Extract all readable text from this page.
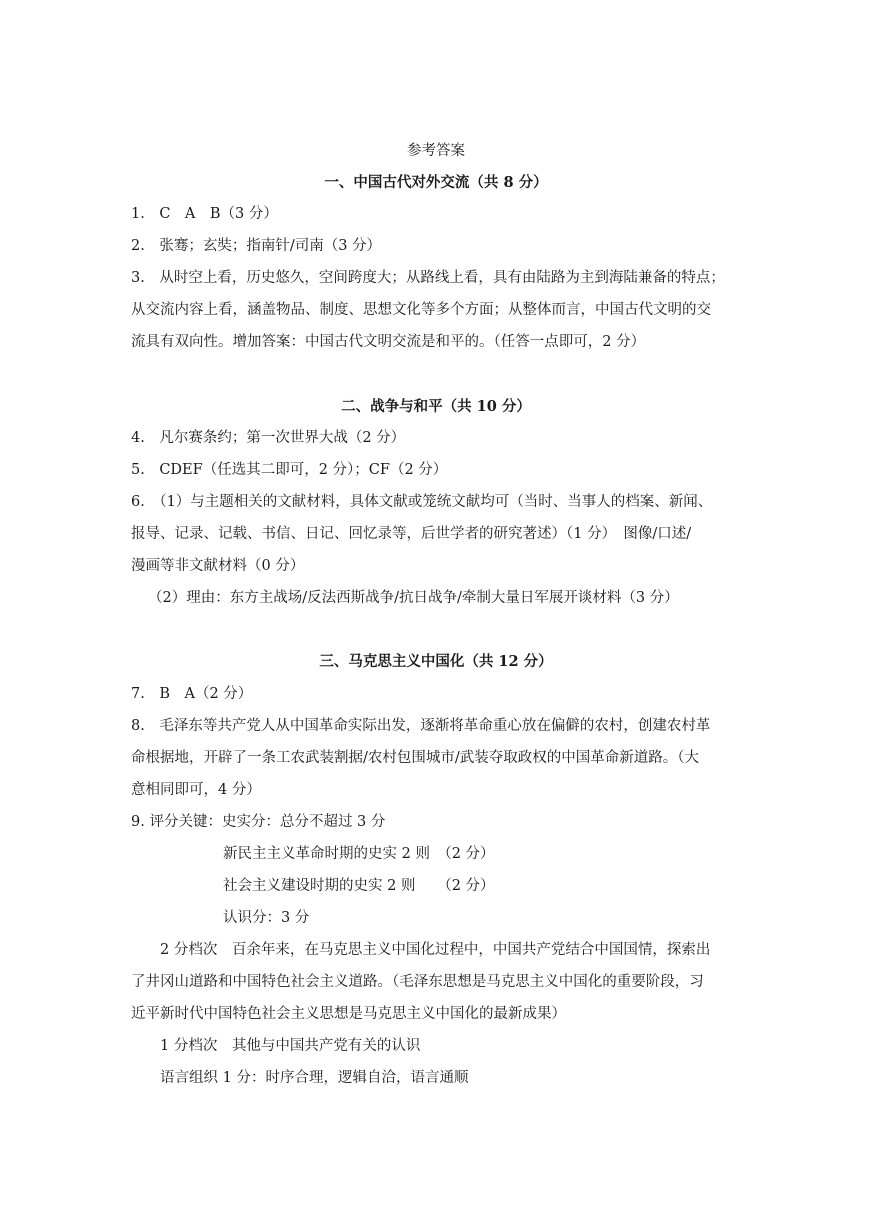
参考答案
一、中国古代对外交流（共 8 分）
1.　C　A　B（3 分）
2.　张骞；玄奘；指南针/司南（3 分）
3.　从时空上看，历史悠久，空间跨度大；从路线上看，具有由陆路为主到海陆兼备的特点；
从交流内容上看，涵盖物品、制度、思想文化等多个方面；从整体而言，中国古代文明的交
流具有双向性。增加答案：中国古代文明交流是和平的。（任答一点即可，2 分）
二、战争与和平（共 10 分）
4.　凡尔赛条约；第一次世界大战（2 分）
5.　CDEF（任选其二即可，2 分）；CF（2 分）
6.　（1）与主题相关的文献材料，具体文献或笼统文献均可（当时、当事人的档案、新闻、
报导、记录、记载、书信、日记、回忆录等，后世学者的研究著述）（1 分）　图像/口述/
漫画等非文献材料（0 分）
（2）理由：东方主战场/反法西斯战争/抗日战争/牵制大量日军展开谈材料（3 分）
三、马克思主义中国化（共 12 分）
7.　B　A（2 分）
8.　毛泽东等共产党人从中国革命实际出发，逐渐将革命重心放在偏僻的农村，创建农村革
命根据地，开辟了一条工农武装割据/农村包围城市/武装夺取政权的中国革命新道路。（大
意相同即可，4 分）
9. 评分关键：史实分：总分不超过 3 分
新民主主义革命时期的史实 2 则　（2 分）
社会主义建设时期的史实 2 则　　（2 分）
认识分：3 分
2 分档次　百余年来，在马克思主义中国化过程中，中国共产党结合中国国情，探索出
了井冈山道路和中国特色社会主义道路。（毛泽东思想是马克思主义中国化的重要阶段，习
近平新时代中国特色社会主义思想是马克思主义中国化的最新成果）
1 分档次　其他与中国共产党有关的认识
语言组织 1 分：时序合理，逻辑自洽，语言通顺
